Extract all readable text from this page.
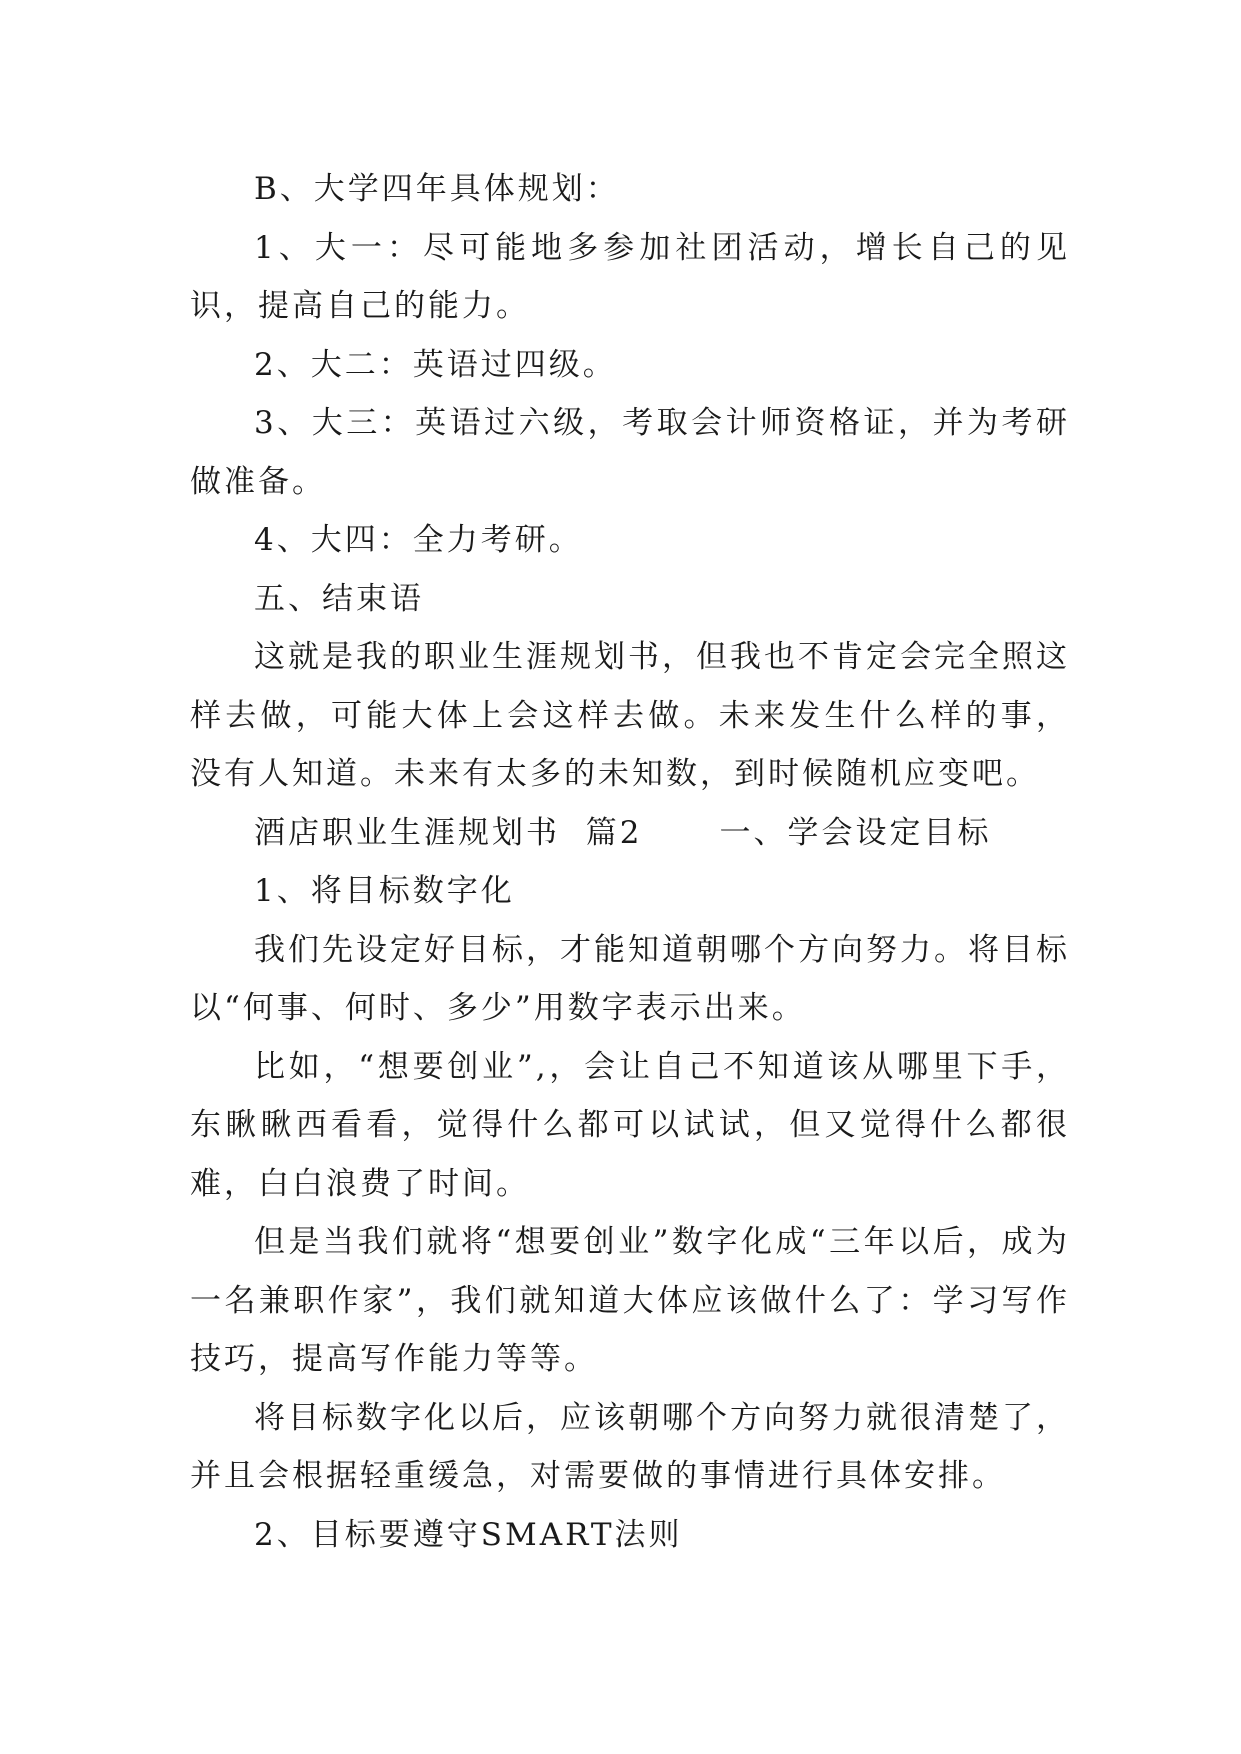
B、大学四年具体规划：

1、大一：尽可能地多参加社团活动，增长自己的见识，提高自己的能力。

2、大二：英语过四级。

3、大三：英语过六级，考取会计师资格证，并为考研做准备。

4、大四：全力考研。

五、结束语

这就是我的职业生涯规划书，但我也不肯定会完全照这样去做，可能大体上会这样去做。未来发生什么样的事，没有人知道。未来有太多的未知数，到时候随机应变吧。

酒店职业生涯规划书  篇2      一、学会设定目标

1、将目标数字化

我们先设定好目标，才能知道朝哪个方向努力。将目标以“何事、何时、多少”用数字表示出来。

比如，“想要创业”,，会让自己不知道该从哪里下手，东瞅瞅西看看，觉得什么都可以试试，但又觉得什么都很难，白白浪费了时间。

但是当我们就将“想要创业”数字化成“三年以后，成为一名兼职作家”，我们就知道大体应该做什么了：学习写作技巧，提高写作能力等等。

将目标数字化以后，应该朝哪个方向努力就很清楚了，并且会根据轻重缓急，对需要做的事情进行具体安排。

2、目标要遵守SMART法则
